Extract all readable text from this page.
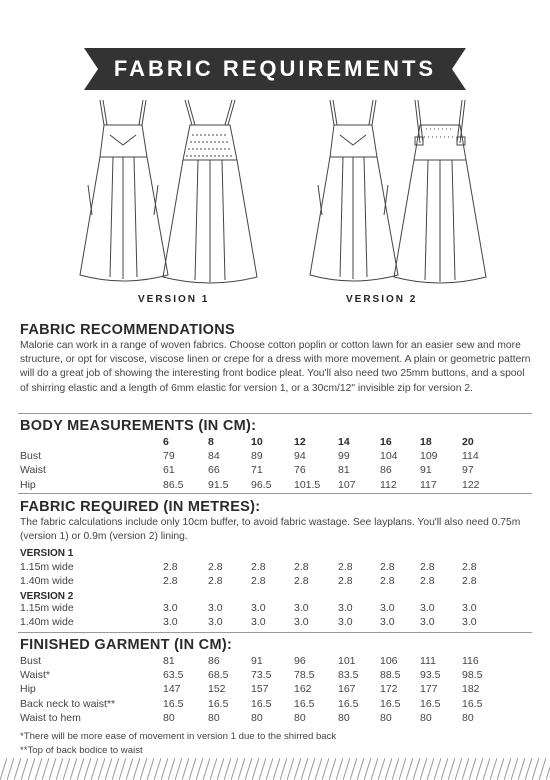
FABRIC REQUIREMENTS
VERSION 1	VERSION 2
FABRIC RECOMMENDATIONS

Malorie can work in a range of woven fabrics. Choose cotton poplin or cotton lawn for an easier sew and more structure, or opt for viscose, viscose linen or crepe for a dress with more movement. A plain or geometric pattern will do a great job of showing the interesting front bodice pleat. You'll also need two 25mm buttons, and a spool of shirring elastic and a length of 6mm elastic for version 1, or a 30cm/12" invisible zip for version 2.

BODY MEASUREMENTS (IN CM):
6	8	10	12	14	16	18	20
Bust	79	84	89	94	99	104 109 114
Waist	61	66	71	76	81	86	91	97
Hip	86.5 91.5 96.5 101.5 107 112 117 122
FABRIC REQUIRED (IN METRES):

The fabric calculations include only 10cm buffer, to avoid fabric wastage. See layplans. You'll also need 0.75m (version 1) or 0.9m (version 2) lining.

VERSION 1
1.15m wide	2.8	2.8	2.8	2.8	2.8	2.8 2.8	2.8
1.40m wide	2.8	2.8	2.8	2.8	2.8	2.8 2.8	2.8
VERSION 2
1.15m wide	3.0	3.0	3.0	3.0	3.0	3.0 3.0	3.0
1.40m wide	3.0	3.0	3.0	3.0	3.0	3.0 3.0	3.0
FINISHED GARMENT (IN CM):
Bust	81	86	91	96	101 106 111 116
Waist*	63.5 68.5 73.5 78.5 83.5 88.5 93.5 98.5
Hip	147	152 157 162	167 172 177 182
Back neck to waist**	16.5 16.5 16.5 16.5 16.5 16.5 16.5 16.5
Waist to hem	80	80	80	80	80	80	80	80
*There will be more ease of movement in version 1 due to the shirred back
**Top of back bodice to waist
